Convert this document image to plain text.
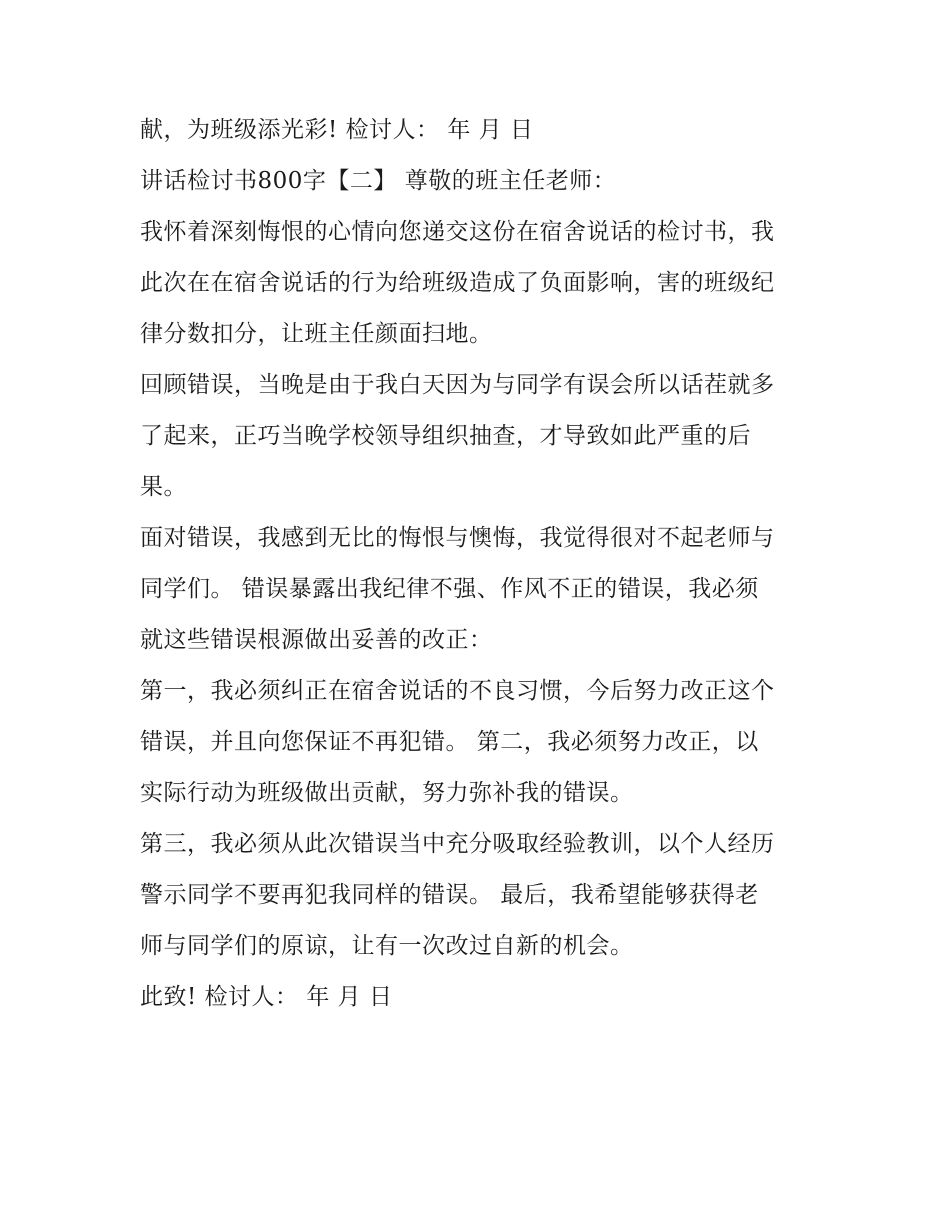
献，为班级添光彩! 检讨人： 年 月 日
讲话检讨书800字【二】 尊敬的班主任老师：
我怀着深刻悔恨的心情向您递交这份在宿舍说话的检讨书，我
此次在在宿舍说话的行为给班级造成了负面影响，害的班级纪
律分数扣分，让班主任颜面扫地。
回顾错误，当晚是由于我白天因为与同学有误会所以话茬就多
了起来，正巧当晚学校领导组织抽查，才导致如此严重的后
果。
面对错误，我感到无比的悔恨与懊悔，我觉得很对不起老师与
同学们。 错误暴露出我纪律不强、作风不正的错误，我必须
就这些错误根源做出妥善的改正：
第一，我必须纠正在宿舍说话的不良习惯，今后努力改正这个
错误，并且向您保证不再犯错。 第二，我必须努力改正，以
实际行动为班级做出贡献，努力弥补我的错误。
第三，我必须从此次错误当中充分吸取经验教训，以个人经历
警示同学不要再犯我同样的错误。 最后，我希望能够获得老
师与同学们的原谅，让有一次改过自新的机会。
此致! 检讨人： 年 月 日
